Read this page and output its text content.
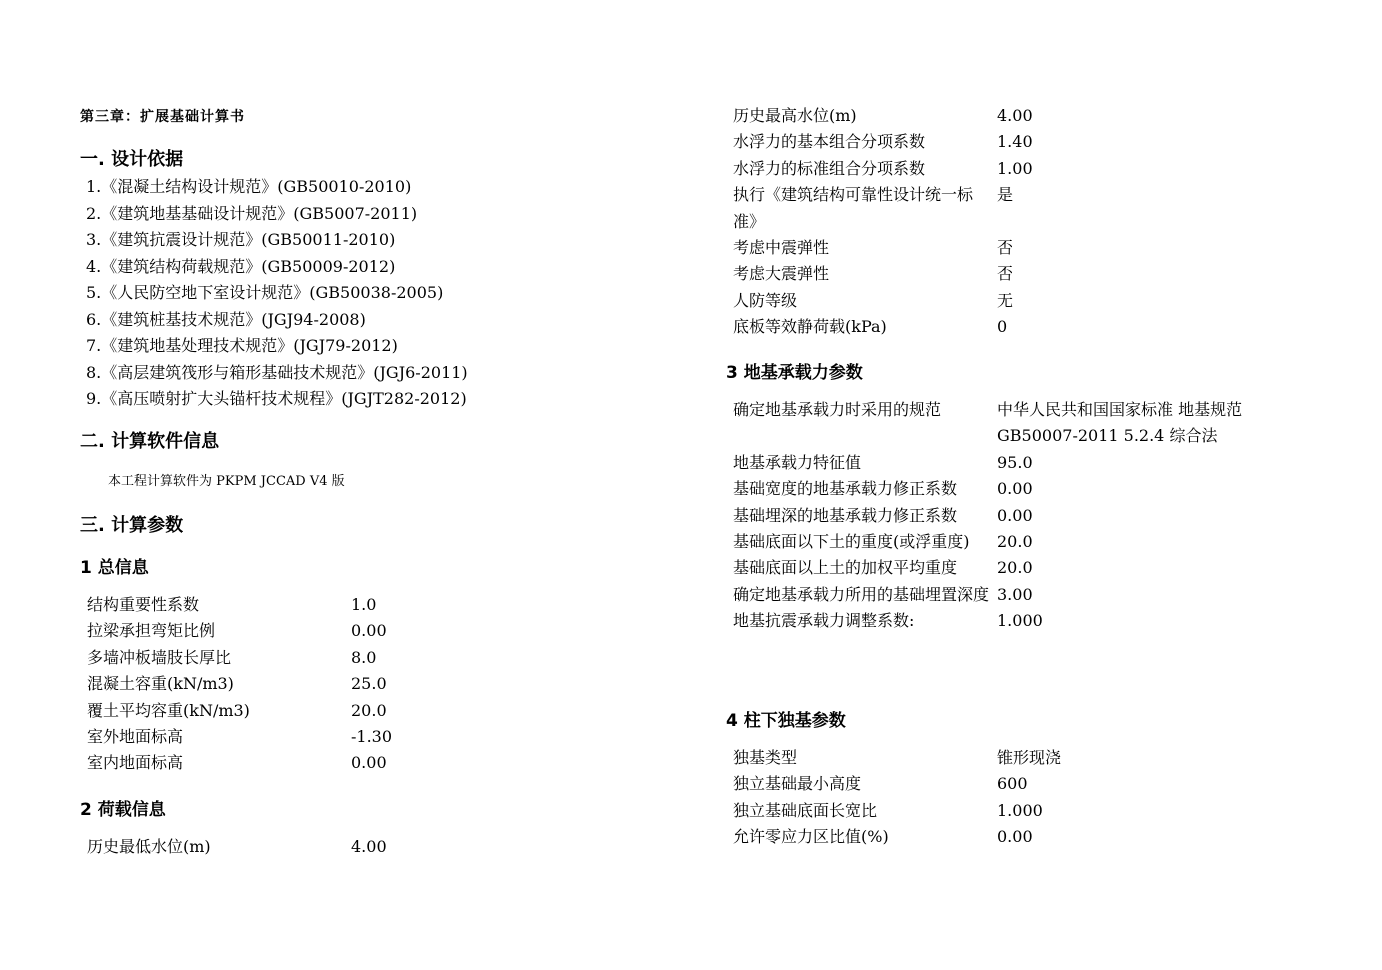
第三章：扩展基础计算书
一. 设计依据
1.《混凝土结构设计规范》(GB50010-2010)
2.《建筑地基基础设计规范》(GB5007-2011)
3.《建筑抗震设计规范》(GB50011-2010)
4.《建筑结构荷载规范》(GB50009-2012)
5.《人民防空地下室设计规范》(GB50038-2005)
6.《建筑桩基技术规范》(JGJ94-2008)
7.《建筑地基处理技术规范》(JGJ79-2012)
8.《高层建筑筏形与箱形基础技术规范》(JGJ6-2011)
9.《高压喷射扩大头锚杆技术规程》(JGJT282-2012)
二. 计算软件信息
本工程计算软件为 PKPM JCCAD V4 版
三. 计算参数
1 总信息
结构重要性系数	1.0
拉梁承担弯矩比例	0.00
多墙冲板墙肢长厚比	8.0
混凝土容重(kN/m3)	25.0
覆土平均容重(kN/m3)	20.0
室外地面标高	-1.30
室内地面标高	0.00
2 荷载信息
历史最低水位(m)	4.00
历史最高水位(m)	4.00
水浮力的基本组合分项系数	1.40
水浮力的标准组合分项系数	1.00
执行《建筑结构可靠性设计统一标准》	是
考虑中震弹性	否
考虑大震弹性	否
人防等级	无
底板等效静荷载(kPa)	0
3 地基承载力参数
确定地基承载力时采用的规范	中华人民共和国国家标准 地基规范GB50007-2011 5.2.4 综合法
地基承载力特征值	95.0
基础宽度的地基承载力修正系数	0.00
基础埋深的地基承载力修正系数	0.00
基础底面以下土的重度(或浮重度)	20.0
基础底面以上土的加权平均重度	20.0
确定地基承载力所用的基础埋置深度	3.00
地基抗震承载力调整系数:	1.000
4 柱下独基参数
独基类型	锥形现浇
独立基础最小高度	600
独立基础底面长宽比	1.000
允许零应力区比值(%)	0.00
